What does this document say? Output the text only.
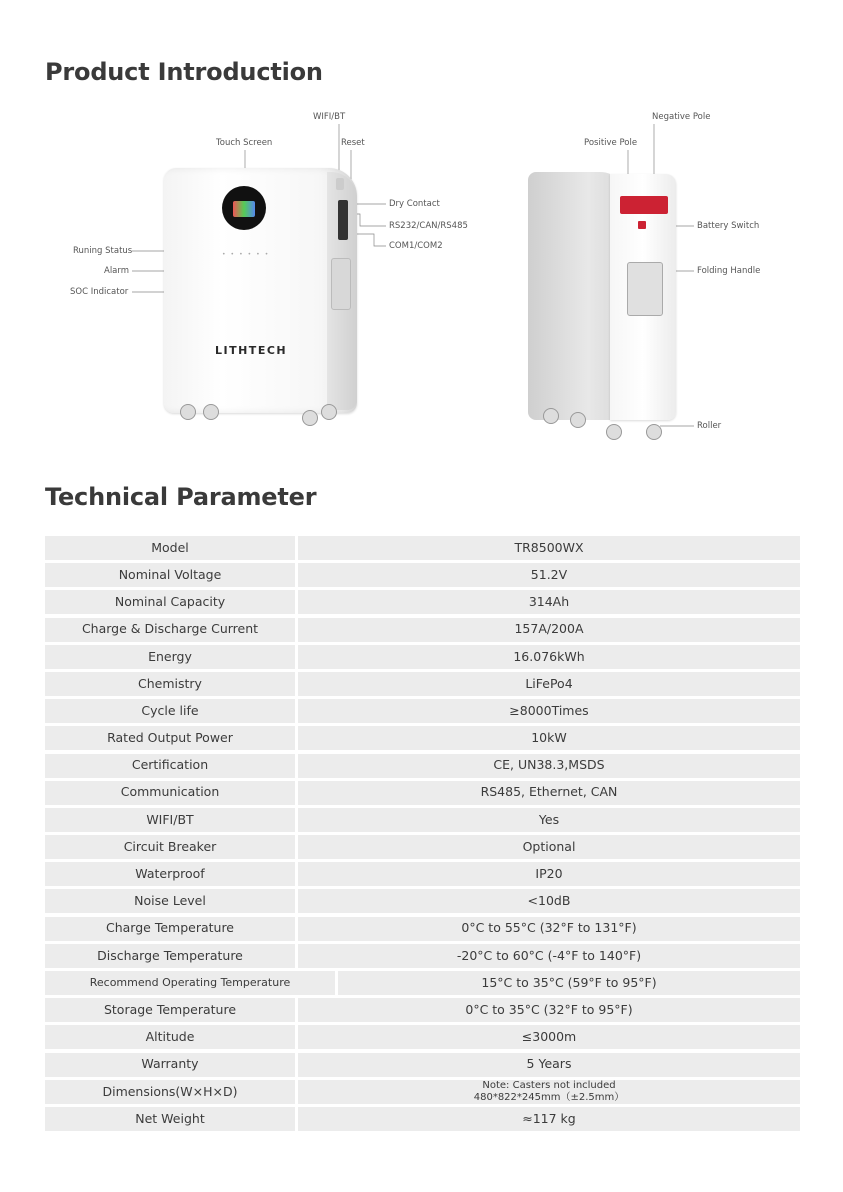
Product Introduction
WIFI/BT
Touch Screen	Reset
Dry Contact
RS232/CAN/RS485
COM1/COM2
Runing Status
Alarm
SOC Indicator
••••••
LITHTECH
Negative Pole
Positive Pole
Battery Switch
Folding Handle
Roller
Technical Parameter
Model	TR8500WX
Nominal Voltage	51.2V
Nominal Capacity	314Ah
Charge & Discharge Current	157A/200A
Energy	16.076kWh
Chemistry	LiFePo4
Cycle life	≥8000Times
Rated Output Power	10kW
Certification	CE, UN38.3,MSDS
Communication	RS485, Ethernet, CAN
WIFI/BT	Yes
Circuit Breaker	Optional
Waterproof	IP20
Noise Level	<10dB
Charge Temperature	0°C to 55°C (32°F to 131°F)
Discharge Temperature	-20°C to 60°C (-4°F to 140°F)
Recommend Operating Temperature	15°C to 35°C (59°F to 95°F)
Storage Temperature	0°C to 35°C (32°F to 95°F)
Altitude	≤3000m
Warranty	5 Years
Dimensions(W×H×D)	Note: Casters not included
480*822*245mm（±2.5mm）
Net Weight	≈117 kg
